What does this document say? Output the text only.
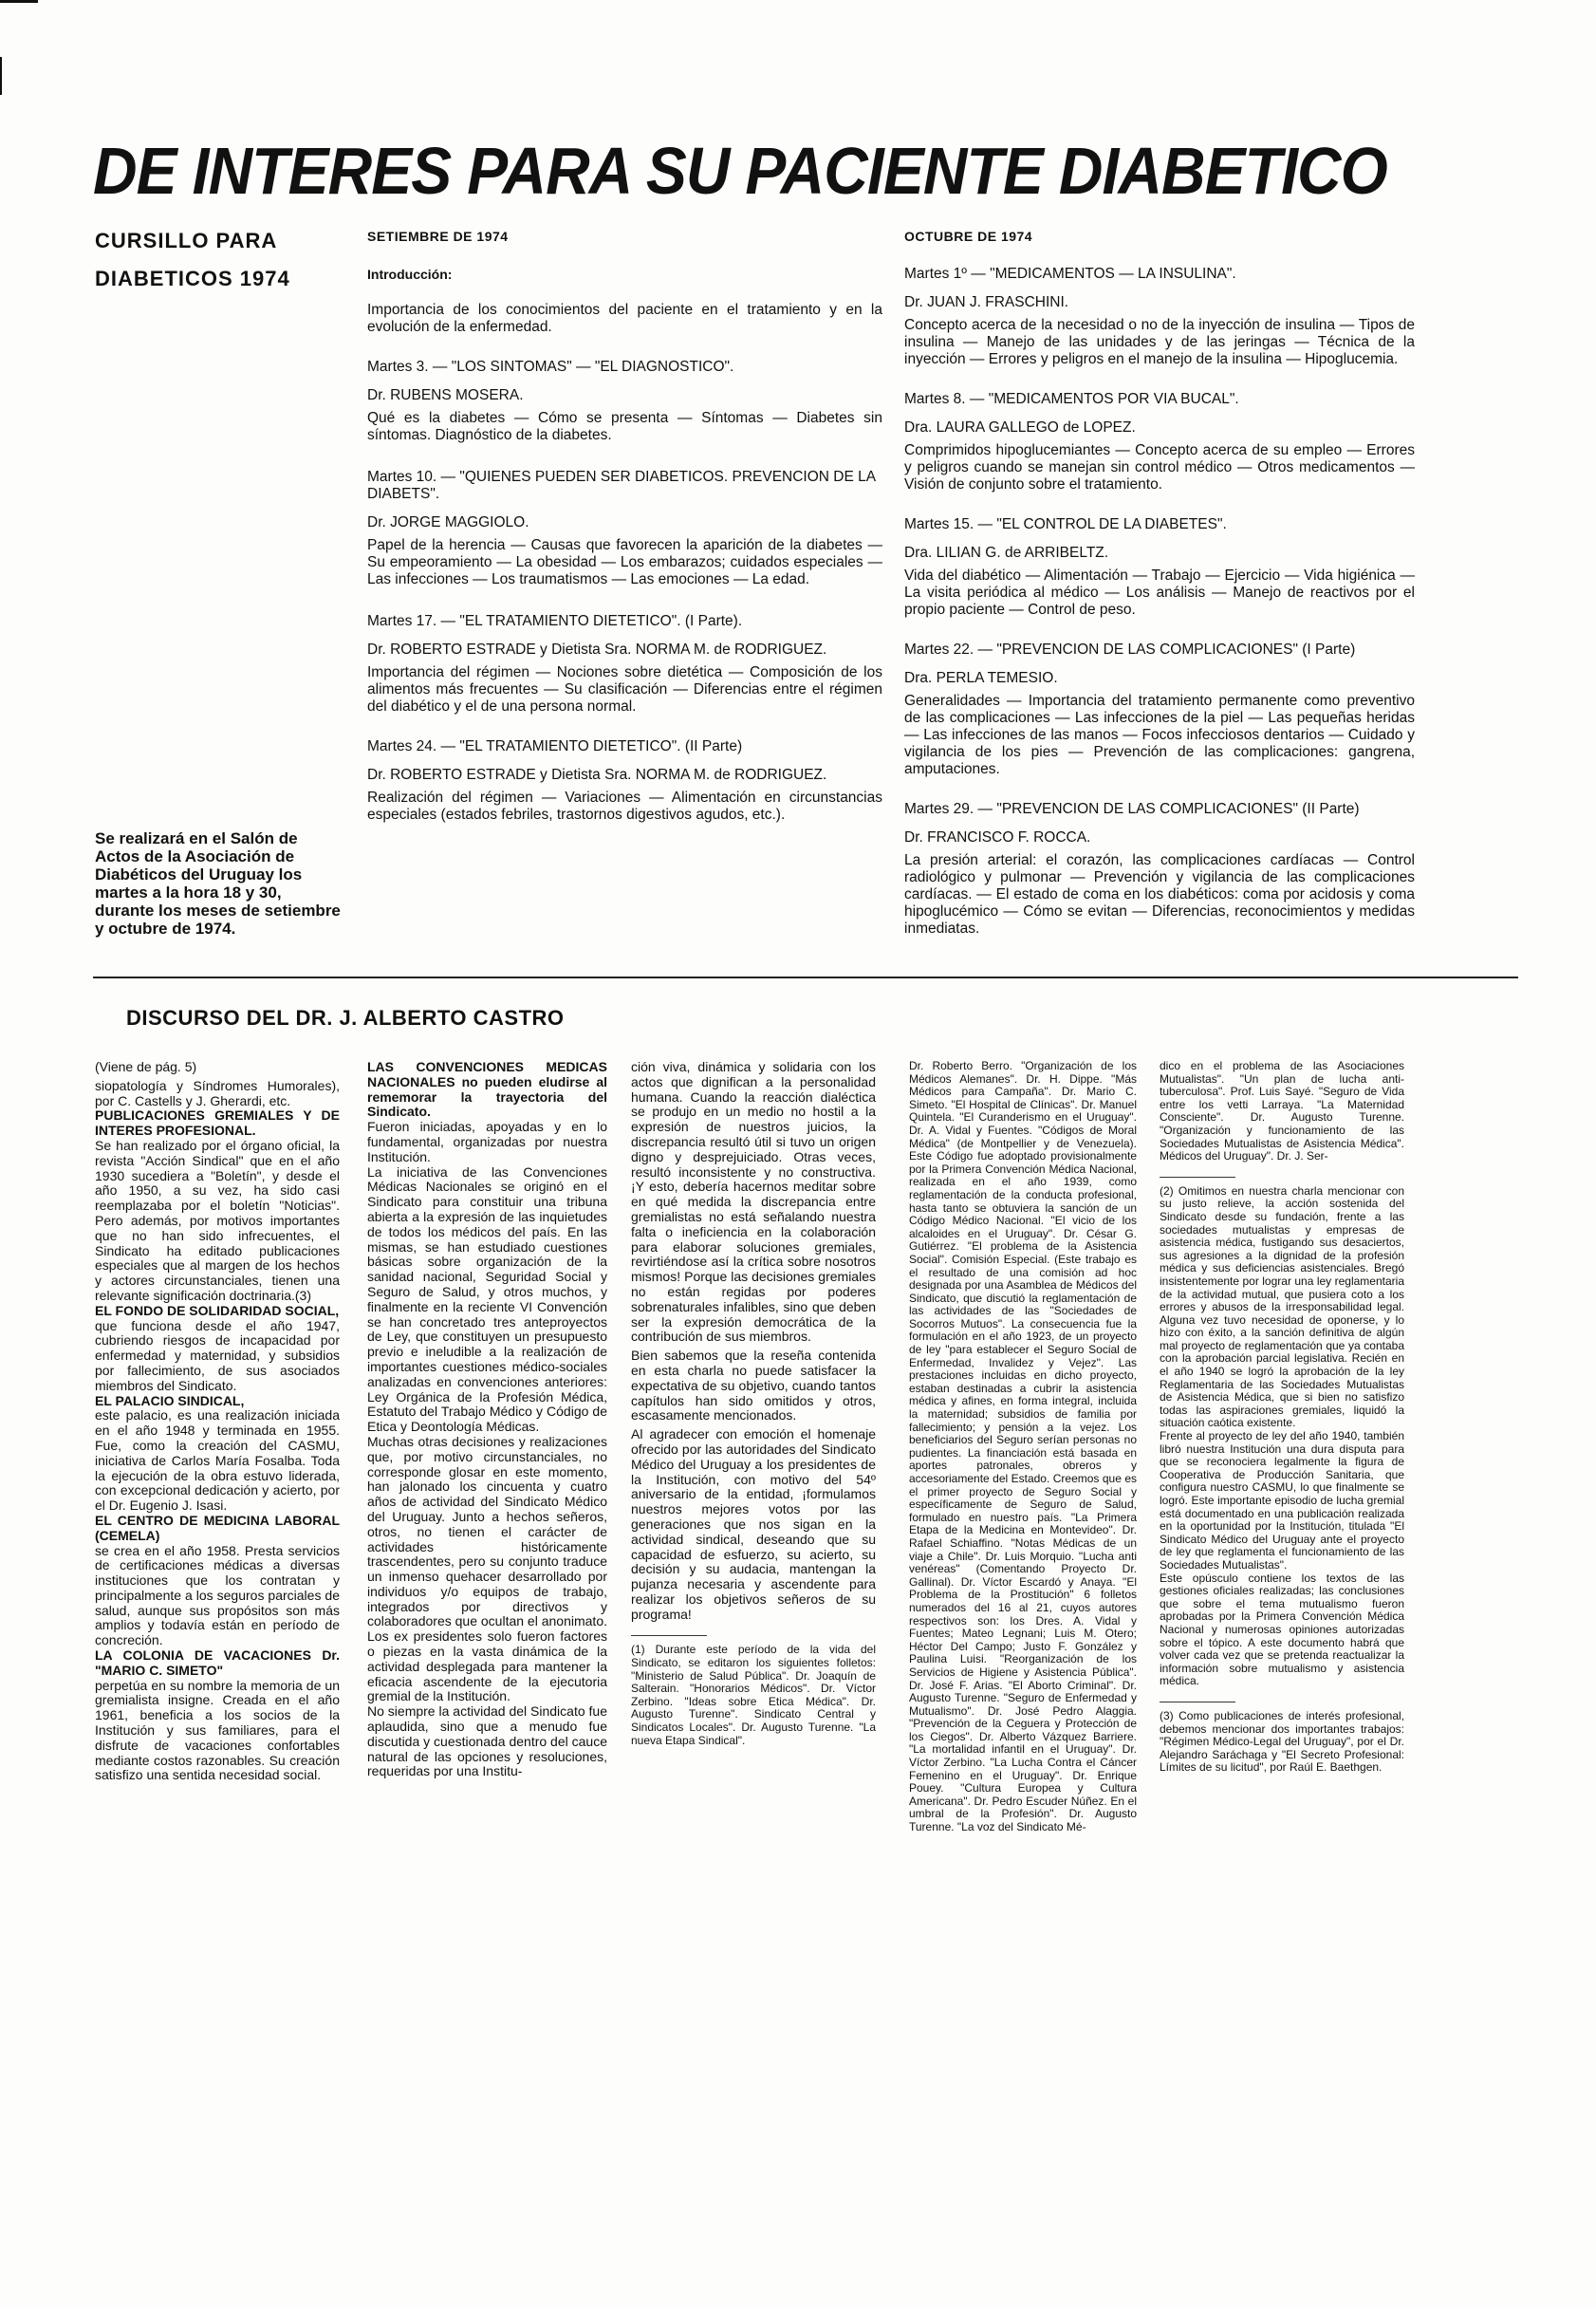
DE INTERES PARA SU PACIENTE DIABETICO
CURSILLO PARA
DIABETICOS 1974
Se realizará en el Salón de Actos de la Asociación de Diabéticos del Uruguay los martes a la hora 18 y 30, durante los meses de setiembre y octubre de 1974.
SETIEMBRE DE 1974
Introducción:

Importancia de los conocimientos del paciente en el tratamiento y en la evolución de la enfermedad.

Martes 3. — "LOS SINTOMAS" — "EL DIAGNOSTICO".

Dr. RUBENS MOSERA.

Qué es la diabetes — Cómo se presenta — Síntomas — Diabetes sin síntomas. Diagnóstico de la diabetes.

Martes 10. — "QUIENES PUEDEN SER DIABETICOS. PREVENCION DE LA DIABETS".

Dr. JORGE MAGGIOLO.

Papel de la herencia — Causas que favorecen la aparición de la diabetes — Su empeoramiento — La obesidad — Los embarazos; cuidados especiales — Las infecciones — Los traumatismos — Las emociones — La edad.

Martes 17. — "EL TRATAMIENTO DIETETICO". (I Parte).

Dr. ROBERTO ESTRADE y Dietista Sra. NORMA M. de RODRIGUEZ.

Importancia del régimen — Nociones sobre dietética — Composición de los alimentos más frecuentes — Su clasificación — Diferencias entre el régimen del diabético y el de una persona normal.

Martes 24. — "EL TRATAMIENTO DIETETICO". (II Parte)

Dr. ROBERTO ESTRADE y Dietista Sra. NORMA M. de RODRIGUEZ.

Realización del régimen — Variaciones — Alimentación en circunstancias especiales (estados febriles, trastornos digestivos agudos, etc.).

OCTUBRE DE 1974

Martes 1º — "MEDICAMENTOS — LA INSULINA".

Dr. JUAN J. FRASCHINI.

Concepto acerca de la necesidad o no de la inyección de insulina — Tipos de insulina — Manejo de las unidades y de las jeringas — Técnica de la inyección — Errores y peligros en el manejo de la insulina — Hipoglucemia.

Martes 8. — "MEDICAMENTOS POR VIA BUCAL".

Dra. LAURA GALLEGO de LOPEZ.

Comprimidos hipoglucemiantes — Concepto acerca de su empleo — Errores y peligros cuando se manejan sin control médico — Otros medicamentos — Visión de conjunto sobre el tratamiento.

Martes 15. — "EL CONTROL DE LA DIABETES".

Dra. LILIAN G. de ARRIBELTZ.

Vida del diabético — Alimentación — Trabajo — Ejercicio — Vida higiénica — La visita periódica al médico — Los análisis — Manejo de reactivos por el propio paciente — Control de peso.

Martes 22. — "PREVENCION DE LAS COMPLICACIONES" (I Parte)

Dra. PERLA TEMESIO.

Generalidades — Importancia del tratamiento permanente como preventivo de las complicaciones — Las infecciones de la piel — Las pequeñas heridas — Las infecciones de las manos — Focos infecciosos dentarios — Cuidado y vigilancia de los pies — Prevención de las complicaciones: gangrena, amputaciones.

Martes 29. — "PREVENCION DE LAS COMPLICACIONES" (II Parte)

Dr. FRANCISCO F. ROCCA.

La presión arterial: el corazón, las complicaciones cardíacas — Control radiológico y pulmonar — Prevención y vigilancia de las complicaciones cardíacas. — El estado de coma en los diabéticos: coma por acidosis y coma hipoglucémico — Cómo se evitan — Diferencias, reconocimientos y medidas inmediatas.

DISCURSO DEL DR. J. ALBERTO CASTRO

(Viene de pág. 5)

siopatología y Síndromes Humorales), por C. Castells y J. Gherardi, etc.

PUBLICACIONES GREMIALES Y DE INTERES PROFESIONAL.

Se han realizado por el órgano oficial, la revista "Acción Sindical" que en el año 1930 sucediera a "Boletín", y desde el año 1950, a su vez, ha sido casi reemplazaba por el boletín "Noticias". Pero además, por motivos importantes que no han sido infrecuentes, el Sindicato ha editado publicaciones especiales que al margen de los hechos y actores circunstanciales, tienen una relevante significación doctrinaria.(3)

EL FONDO DE SOLIDARIDAD SOCIAL,

que funciona desde el año 1947, cubriendo riesgos de incapacidad por enfermedad y maternidad, y subsidios por fallecimiento, de sus asociados miembros del Sindicato.

EL PALACIO SINDICAL,

este palacio, es una realización iniciada en el año 1948 y terminada en 1955. Fue, como la creación del CASMU, iniciativa de Carlos María Fosalba. Toda la ejecución de la obra estuvo liderada, con excepcional dedicación y acierto, por el Dr. Eugenio J. Isasi.

EL CENTRO DE MEDICINA LABORAL (CEMELA)

se crea en el año 1958. Presta servicios de certificaciones médicas a diversas instituciones que los contratan y principalmente a los seguros parciales de salud, aunque sus propósitos son más amplios y todavía están en período de concreción.

LA COLONIA DE VACACIONES Dr. "MARIO C. SIMETO"

perpetúa en su nombre la memoria de un gremialista insigne. Creada en el año 1961, beneficia a los socios de la Institución y sus familiares, para el disfrute de vacaciones confortables mediante costos razonables. Su creación satisfizo una sentida necesidad social.

LAS CONVENCIONES MEDICAS NACIONALES no pueden eludirse al rememorar la trayectoria del Sindicato.

Fueron iniciadas, apoyadas y en lo fundamental, organizadas por nuestra Institución.

La iniciativa de las Convenciones Médicas Nacionales se originó en el Sindicato para constituir una tribuna abierta a la expresión de las inquietudes de todos los médicos del país. En las mismas, se han estudiado cuestiones básicas sobre organización de la sanidad nacional, Seguridad Social y Seguro de Salud, y otros muchos, y finalmente en la reciente VI Convención se han concretado tres anteproyectos de Ley, que constituyen un presupuesto previo e ineludible a la realización de importantes cuestiones médico-sociales analizadas en convenciones anteriores: Ley Orgánica de la Profesión Médica, Estatuto del Trabajo Médico y Código de Etica y Deontología Médicas.

Muchas otras decisiones y realizaciones que, por motivo circunstanciales, no corresponde glosar en este momento, han jalonado los cincuenta y cuatro años de actividad del Sindicato Médico del Uruguay. Junto a hechos señeros, otros, no tienen el carácter de actividades históricamente trascendentes, pero su conjunto traduce un inmenso quehacer desarrollado por individuos y/o equipos de trabajo, integrados por directivos y colaboradores que ocultan el anonimato. Los ex presidentes solo fueron factores o piezas en la vasta dinámica de la actividad desplegada para mantener la eficacia ascendente de la ejecutoria gremial de la Institución.

No siempre la actividad del Sindicato fue aplaudida, sino que a menudo fue discutida y cuestionada dentro del cauce natural de las opciones y resoluciones, requeridas por una Institu-

ción viva, dinámica y solidaria con los actos que dignifican a la personalidad humana. Cuando la reacción dialéctica se produjo en un medio no hostil a la expresión de nuestros juicios, la discrepancia resultó útil si tuvo un origen digno y desprejuiciado. Otras veces, resultó inconsistente y no constructiva. ¡Y esto, debería hacernos meditar sobre en qué medida la discrepancia entre gremialistas no está señalando nuestra falta o ineficiencia en la colaboración para elaborar soluciones gremiales, revirtiéndose así la crítica sobre nosotros mismos! Porque las decisiones gremiales no están regidas por poderes sobrenaturales infalibles, sino que deben ser la expresión democrática de la contribución de sus miembros.

Bien sabemos que la reseña contenida en esta charla no puede satisfacer la expectativa de su objetivo, cuando tantos capítulos han sido omitidos y otros, escasamente mencionados.

Al agradecer con emoción el homenaje ofrecido por las autoridades del Sindicato Médico del Uruguay a los presidentes de la Institución, con motivo del 54º aniversario de la entidad, ¡formulamos nuestros mejores votos por las generaciones que nos sigan en la actividad sindical, deseando que su capacidad de esfuerzo, su acierto, su decisión y su audacia, mantengan la pujanza necesaria y ascendente para realizar los objetivos señeros de su programa!

(1) Durante este período de la vida del Sindicato, se editaron los siguientes folletos: "Ministerio de Salud Pública". Dr. Joaquín de Salterain. "Honorarios Médicos". Dr. Víctor Zerbino. "Ideas sobre Etica Médica". Dr. Augusto Turenne". Sindicato Central y Sindicatos Locales". Dr. Augusto Turenne. "La nueva Etapa Sindical".

Dr. Roberto Berro. "Organización de los Médicos Alemanes". Dr. H. Dippe. "Más Médicos para Campaña". Dr. Mario C. Simeto. "El Hospital de Clínicas". Dr. Manuel Quintela. "El Curanderismo en el Uruguay". Dr. A. Vidal y Fuentes. "Códigos de Moral Médica" (de Montpellier y de Venezuela). Este Código fue adoptado provisionalmente por la Primera Convención Médica Nacional, realizada en el año 1939, como reglamentación de la conducta profesional, hasta tanto se obtuviera la sanción de un Código Médico Nacional. "El vicio de los alcaloides en el Uruguay". Dr. César G. Gutiérrez. "El problema de la Asistencia Social". Comisión Especial. (Este trabajo es el resultado de una comisión ad hoc designada por una Asamblea de Médicos del Sindicato, que discutió la reglamentación de las actividades de las "Sociedades de Socorros Mutuos". La consecuencia fue la formulación en el año 1923, de un proyecto de ley "para establecer el Seguro Social de Enfermedad, Invalidez y Vejez". Las prestaciones incluidas en dicho proyecto, estaban destinadas a cubrir la asistencia médica y afines, en forma integral, incluida la maternidad; subsidios de familia por fallecimiento; y pensión a la vejez. Los beneficiarios del Seguro serían personas no pudientes. La financiación está basada en aportes patronales, obreros y accesoriamente del Estado. Creemos que es el primer proyecto de Seguro Social y específicamente de Seguro de Salud, formulado en nuestro país. "La Primera Etapa de la Medicina en Montevideo". Dr. Rafael Schiaffino. "Notas Médicas de un viaje a Chile". Dr. Luis Morquio. "Lucha anti venéreas" (Comentando Proyecto Dr. Gallinal). Dr. Víctor Escardó y Anaya. "El Problema de la Prostitución" 6 folletos numerados del 16 al 21, cuyos autores respectivos son: los Dres. A. Vidal y Fuentes; Mateo Legnani; Luis M. Otero; Héctor Del Campo; Justo F. González y Paulina Luisi. "Reorganización de los Servicios de Higiene y Asistencia Pública". Dr. José F. Arias. "El Aborto Criminal". Dr. Augusto Turenne. "Seguro de Enfermedad y Mutualismo". Dr. José Pedro Alaggia. "Prevención de la Ceguera y Protección de los Ciegos". Dr. Alberto Vázquez Barriere. "La mortalidad infantil en el Uruguay". Dr. Víctor Zerbino. "La Lucha Contra el Cáncer Femenino en el Uruguay". Dr. Enrique Pouey. "Cultura Europea y Cultura Americana". Dr. Pedro Escuder Núñez. En el umbral de la Profesión". Dr. Augusto Turenne. "La voz del Sindicato Mé-

dico en el problema de las Asociaciones Mutualistas". "Un plan de lucha anti-tuberculosa". Prof. Luis Sayé. "Seguro de Vida entre los vetti Larraya. "La Maternidad Consciente". Dr. Augusto Turenne. "Organización y funcionamiento de las Sociedades Mutualistas de Asistencia Médica". Médicos del Uruguay". Dr. J. Ser-

(2) Omitimos en nuestra charla mencionar con su justo relieve, la acción sostenida del Sindicato desde su fundación, frente a las sociedades mutualistas y empresas de asistencia médica, fustigando sus desaciertos, sus agresiones a la dignidad de la profesión médica y sus deficiencias asistenciales. Bregó insistentemente por lograr una ley reglamentaria de la actividad mutual, que pusiera coto a los errores y abusos de la irresponsabilidad legal. Alguna vez tuvo necesidad de oponerse, y lo hizo con éxito, a la sanción definitiva de algún mal proyecto de reglamentación que ya contaba con la aprobación parcial legislativa. Recién en el año 1940 se logró la aprobación de la ley Reglamentaria de las Sociedades Mutualistas de Asistencia Médica, que si bien no satisfizo todas las aspiraciones gremiales, liquidó la situación caótica existente.

Frente al proyecto de ley del año 1940, también libró nuestra Institución una dura disputa para que se reconociera legalmente la figura de Cooperativa de Producción Sanitaria, que configura nuestro CASMU, lo que finalmente se logró. Este importante episodio de lucha gremial está documentado en una publicación realizada en la oportunidad por la Institución, titulada "El Sindicato Médico del Uruguay ante el proyecto de ley que reglamenta el funcionamiento de las Sociedades Mutualistas".

Este opúsculo contiene los textos de las gestiones oficiales realizadas; las conclusiones que sobre el tema mutualismo fueron aprobadas por la Primera Convención Médica Nacional y numerosas opiniones autorizadas sobre el tópico. A este documento habrá que volver cada vez que se pretenda reactualizar la información sobre mutualismo y asistencia médica.

(3) Como publicaciones de interés profesional, debemos mencionar dos importantes trabajos: "Régimen Médico-Legal del Uruguay", por el Dr. Alejandro Saráchaga y "El Secreto Profesional: Límites de su licitud", por Raúl E. Baethgen.
